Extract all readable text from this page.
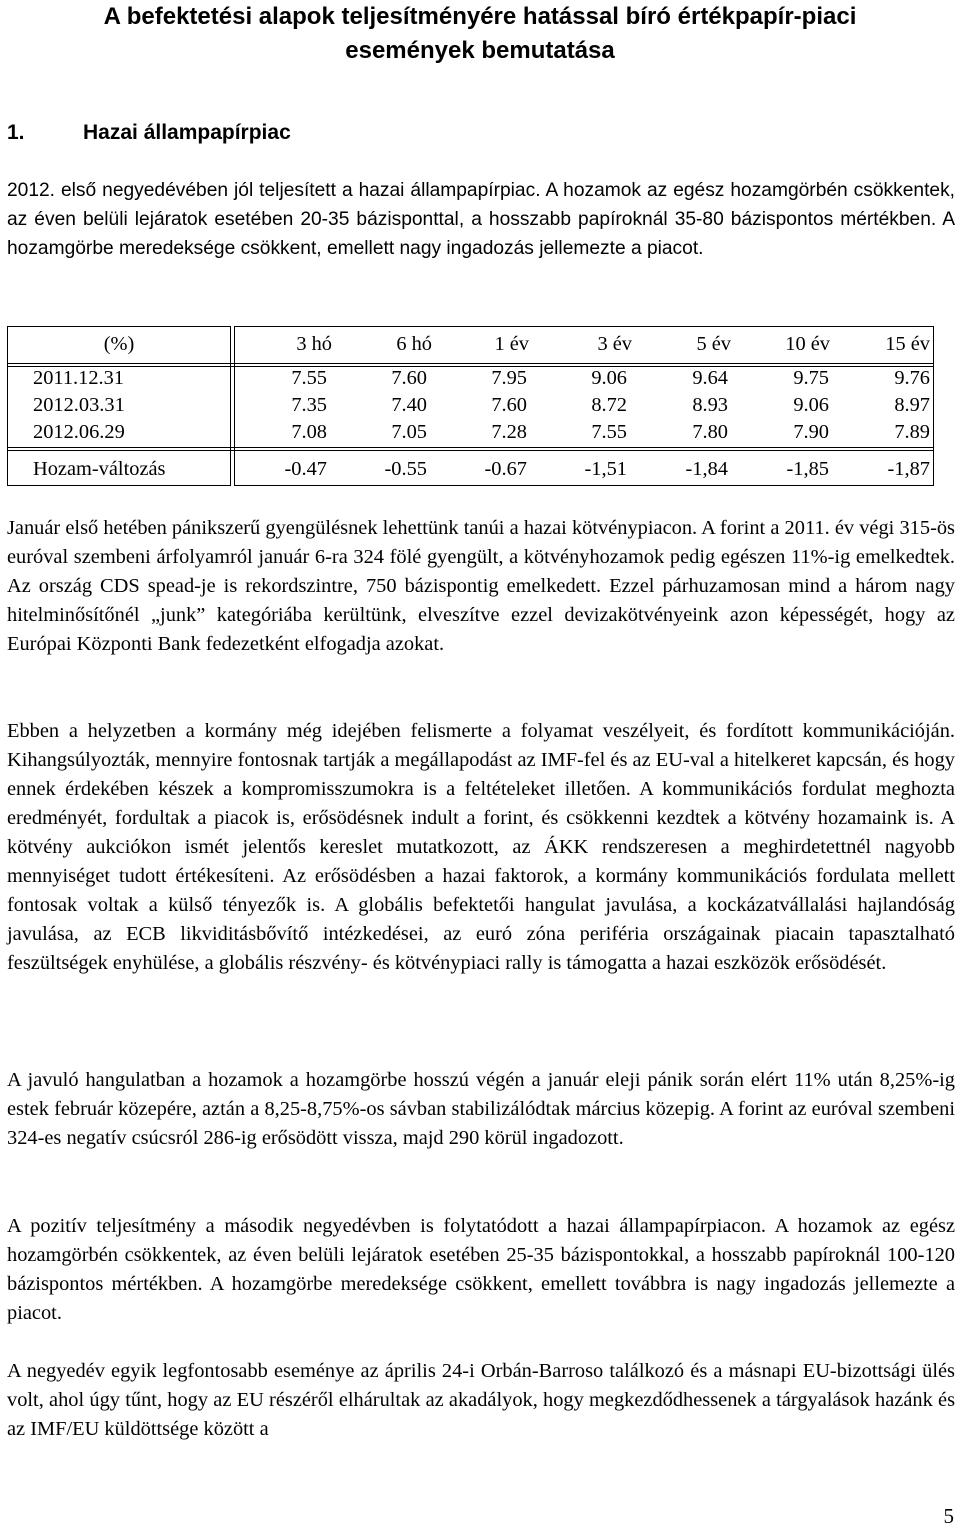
A befektetési alapok teljesítményére hatással bíró értékpapír-piaci események bemutatása
1.	Hazai állampapírpiac

2012. első negyedévében jól teljesített a hazai állampapírpiac. A hozamok az egész hozamgörbén csökkentek, az éven belüli lejáratok esetében 20-35 bázisponttal, a hosszabb papíroknál 35-80 bázispontos mértékben. A hozamgörbe meredeksége csökkent, emellett nagy ingadozás jellemezte a piacot.

(%)	3 hó	6 hó	1 év	3 év	5 év	10 év	15 év
2011.12.31	7.55	7.60	7.95	9.06	9.64	9.75	9.76
2012.03.31	7.35	7.40	7.60	8.72	8.93	9.06	8.97
2012.06.29	7.08	7.05	7.28	7.55	7.80	7.90	7.89
Hozam-változás	-0.47	-0.55	-0.67	-1,51	-1,84	-1,85	-1,87

Január első hetében pánikszerű gyengülésnek lehettünk tanúi a hazai kötvénypiacon. A forint a 2011. év végi 315-ös euróval szembeni árfolyamról január 6-ra 324 fölé gyengült, a kötvényhozamok pedig egészen 11%-ig emelkedtek. Az ország CDS spead-je is rekordszintre, 750 bázispontig emelkedett. Ezzel párhuzamosan mind a három nagy hitelminősítőnél „junk” kategóriába kerültünk, elveszítve ezzel devizakötvényeink azon képességét, hogy az Európai Központi Bank fedezetként elfogadja azokat.

Ebben a helyzetben a kormány még idejében felismerte a folyamat veszélyeit, és fordított kommunikációján. Kihangsúlyozták, mennyire fontosnak tartják a megállapodást az IMF-fel és az EU-val a hitelkeret kapcsán, és hogy ennek érdekében készek a kompromisszumokra is a feltételeket illetően. A kommunikációs fordulat meghozta eredményét, fordultak a piacok is, erősödésnek indult a forint, és csökkenni kezdtek a kötvény hozamaink is. A kötvény aukciókon ismét jelentős kereslet mutatkozott, az ÁKK rendszeresen a meghirdetettnél nagyobb mennyiséget tudott értékesíteni. Az erősödésben a hazai faktorok, a kormány kommunikációs fordulata mellett fontosak voltak a külső tényezők is. A globális befektetői hangulat javulása, a kockázatvállalási hajlandóság javulása, az ECB likviditásbővítő intézkedései, az euró zóna periféria országainak piacain tapasztalható feszültségek enyhülése, a globális részvény- és kötvénypiaci rally is támogatta a hazai eszközök erősödését.

A javuló hangulatban a hozamok a hozamgörbe hosszú végén a január eleji pánik során elért 11% után 8,25%-ig estek február közepére, aztán a 8,25-8,75%-os sávban stabilizálódtak március közepig. A forint az euróval szembeni 324-es negatív csúcsról 286-ig erősödött vissza, majd 290 körül ingadozott.

A pozitív teljesítmény a második negyedévben is folytatódott a hazai állampapírpiacon. A hozamok az egész hozamgörbén csökkentek, az éven belüli lejáratok esetében 25-35 bázispontokkal, a hosszabb papíroknál 100-120 bázispontos mértékben. A hozamgörbe meredeksége csökkent, emellett továbbra is nagy ingadozás jellemezte a piacot.

A negyedév egyik legfontosabb eseménye az április 24-i Orbán-Barroso találkozó és a másnapi EU-bizottsági ülés volt, ahol úgy tűnt, hogy az EU részéről elhárultak az akadályok, hogy megkezdődhessenek a tárgyalások hazánk és az IMF/EU küldöttsége között a

5
